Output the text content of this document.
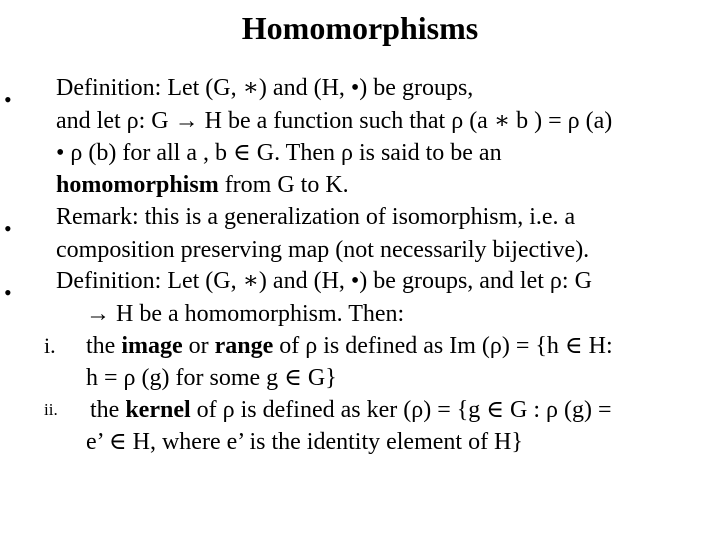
Homomorphisms
• Definition: Let (G, ∗) and (H, •) be groups,
and let ρ: G → H be a function such that ρ (a ∗ b ) = ρ (a)
• ρ (b) for all a , b ∈ G. Then ρ is said to be an
homomorphism from G to K.
• Remark: this is a generalization of isomorphism, i.e. a
composition preserving map (not necessarily bijective).
• Definition: Let (G, ∗) and (H, •) be groups, and let ρ: G
→ H be a homomorphism. Then:
i. the image or range of ρ is defined as Im (ρ) = {h ∈ H:
h = ρ (g) for some g ∈ G}
ii. the kernel of ρ is defined as ker (ρ) = {g ∈ G : ρ (g) =
e’ ∈ H, where e’ is the identity element of H}
